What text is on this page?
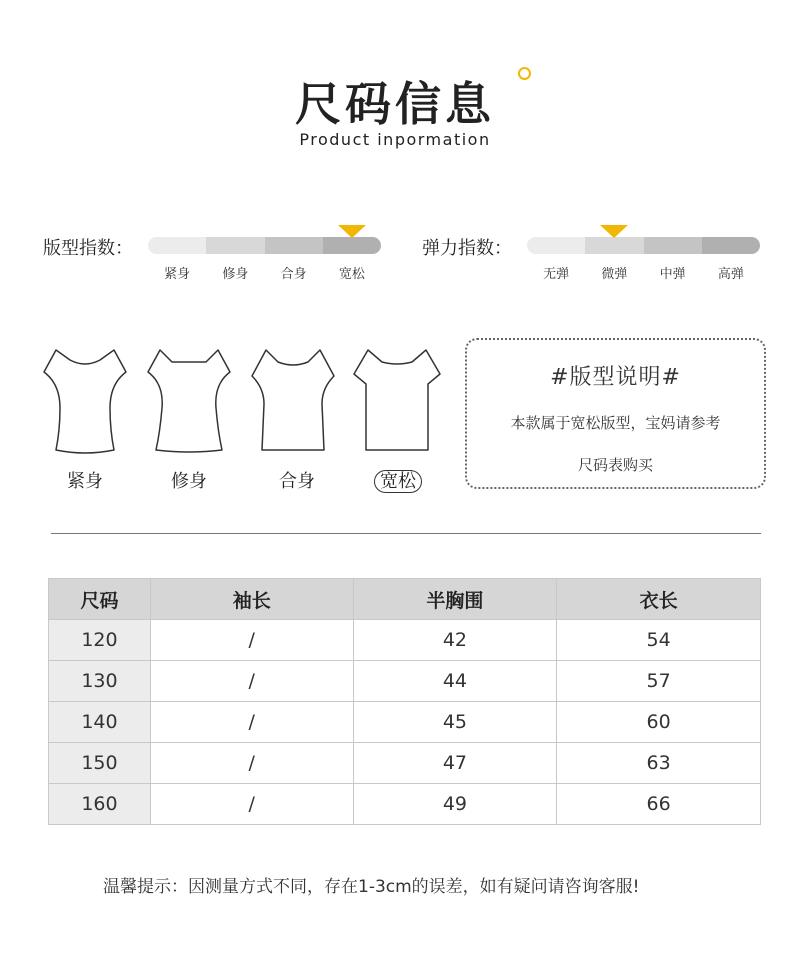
尺码信息
Product inpormation
版型指数：
紧身	修身	合身	宽松
弹力指数：
无弹	微弹	中弹	高弹
紧身	修身	合身	宽松
#版型说明#
本款属于宽松版型，宝妈请参考
尺码表购买
尺码	袖长	半胸围	衣长
120	/	42	54
130	/	44	57
140	/	45	60
150	/	47	63
160	/	49	66
温馨提示：因测量方式不同，存在1-3cm的误差，如有疑问请咨询客服!
